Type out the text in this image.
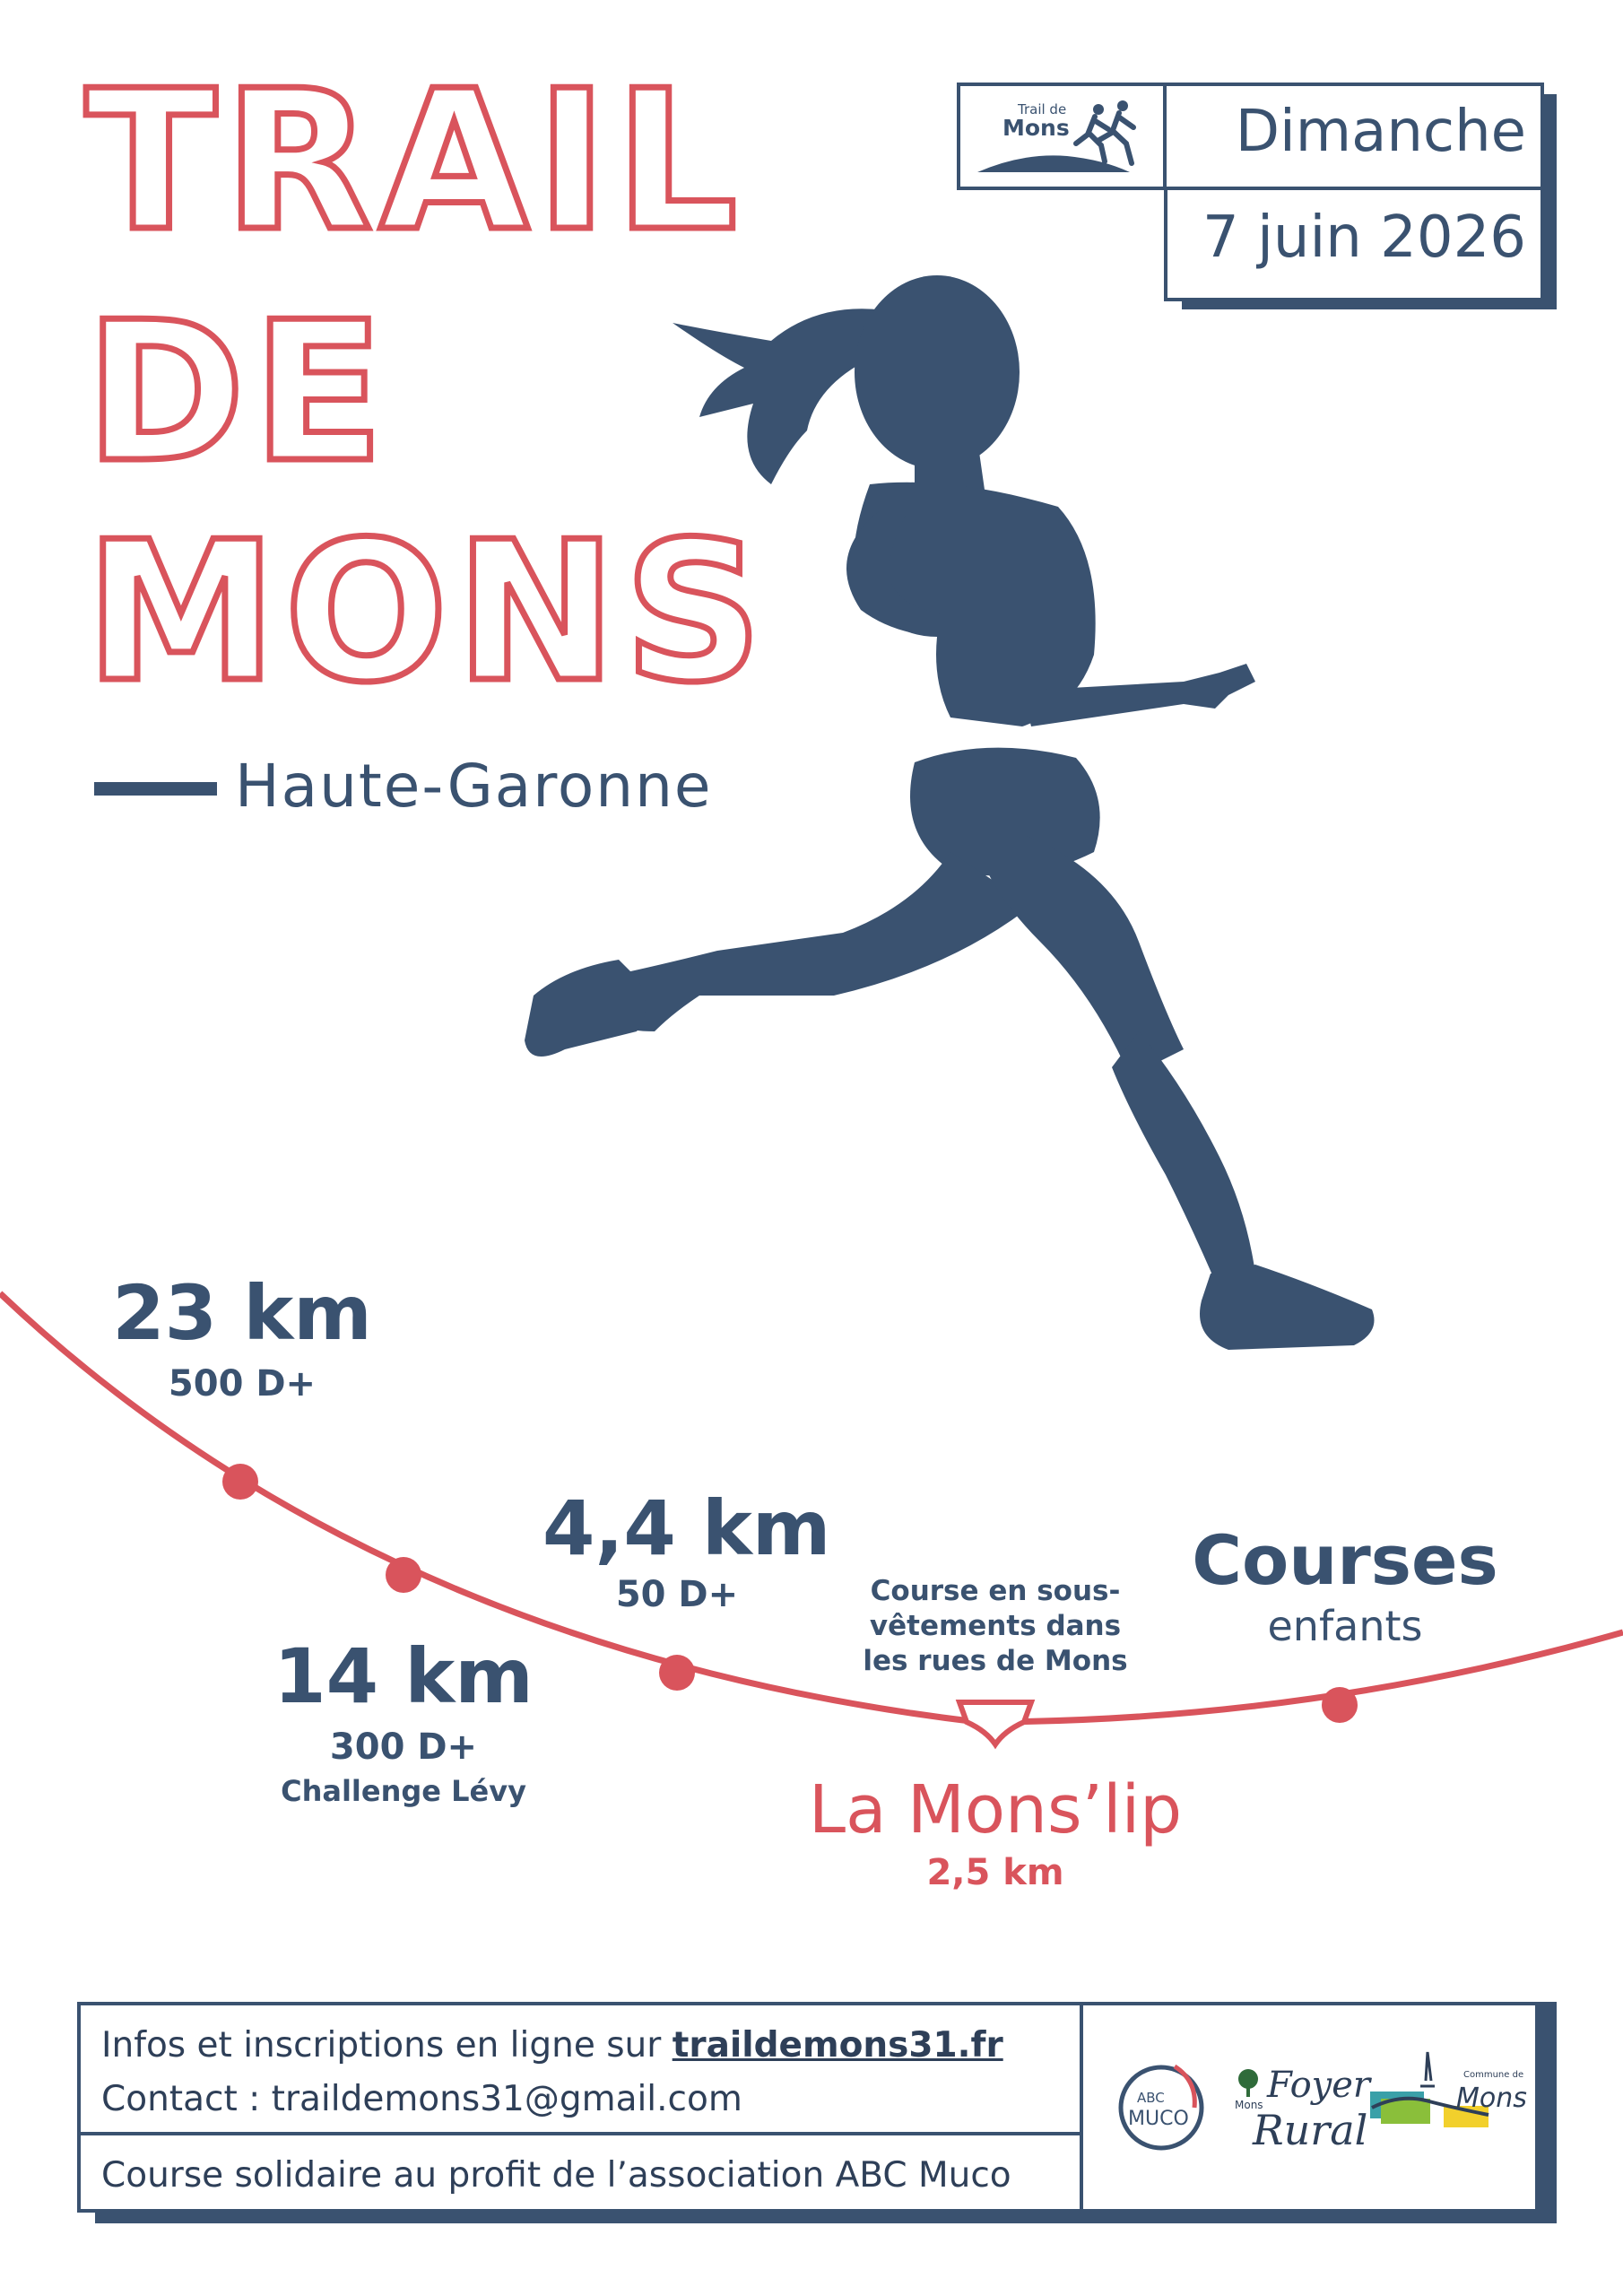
TRAIL
DE
MONS
Haute-Garonne
Trail de
Mons	Dimanche
7 juin 2026
23 km
500 D+
14 km
300 D+
Challenge Lévy
4,4 km
50 D+	Course en sous-
vêtements dans
les rues de Mons
La Mons’lip
2,5 km
Courses
enfants
Infos et inscriptions en ligne sur traildemons31.fr
Contact : traildemons31@gmail.com
Course solidaire au profit de l’association ABC Muco
ABC
MUCO
Mons Foyer
Rural
Commune de
Mons
